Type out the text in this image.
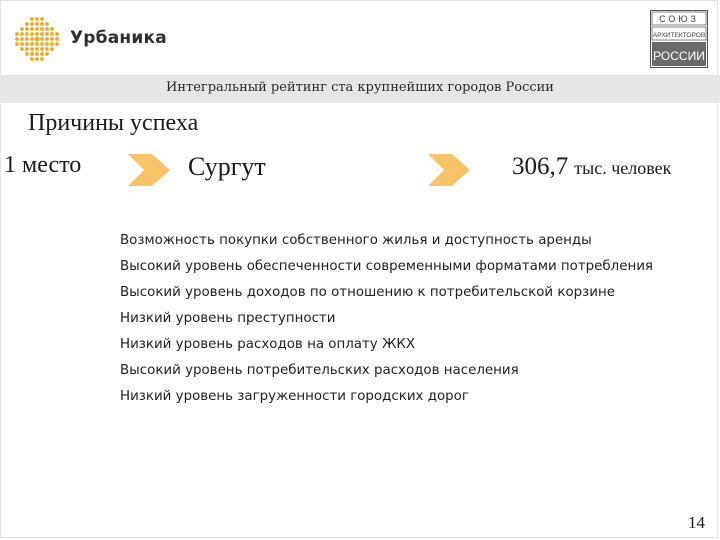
Урбаника
СОЮЗ
АРХИТЕКТОРОВ
РОССИИ
Интегральный рейтинг ста крупнейших городов России
Причины успеха
1 место	Сургут	306,7 тыс. человек
Возможность покупки собственного жилья и доступность аренды
Высокий уровень обеспеченности современными форматами потребления
Высокий уровень доходов по отношению к потребительской корзине
Низкий уровень преступности
Низкий уровень расходов на оплату ЖКХ
Высокий уровень потребительских расходов населения
Низкий уровень загруженности городских дорог
14
